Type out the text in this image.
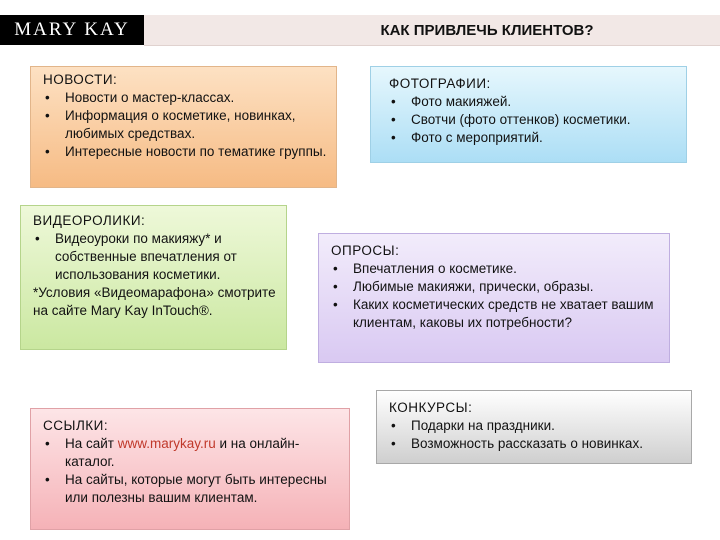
MARY KAY	КАК ПРИВЛЕЧЬ КЛИЕНТОВ?
НОВОСТИ:
• Новости о мастер-классах.
• Информация о косметике, новинках, любимых средствах.
• Интересные новости по тематике группы.
ФОТОГРАФИИ:
• Фото макияжей.
• Свотчи (фото оттенков) косметики.
• Фото с мероприятий.
ВИДЕОРОЛИКИ:
• Видеоуроки по макияжу* и собственные впечатления от использования косметики.

*Условия «Видеомарафона» смотрите на сайте Mary Kay InTouch®.

ОПРОСЫ:
• Впечатления о косметике.
• Любимые макияжи, прически, образы.
• Каких косметических средств не хватает вашим клиентам, каковы их потребности?
ССЫЛКИ:
• На сайт www.marykay.ru и на онлайн-каталог.
• На сайты, которые могут быть интересны или полезны вашим клиентам.
КОНКУРСЫ:
• Подарки на праздники.
• Возможность рассказать о новинках.
